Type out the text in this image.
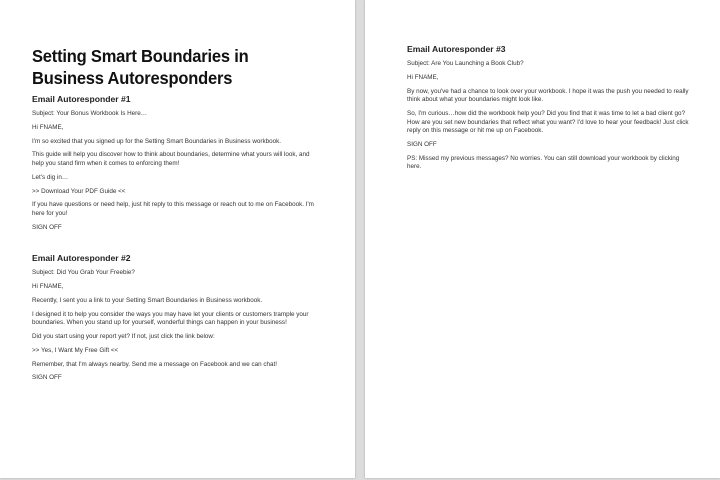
Setting Smart Boundaries in Business Autoresponders
Email Autoresponder #1
Subject: Your Bonus Workbook Is Here…
Hi FNAME,
I'm so excited that you signed up for the Setting Smart Boundaries in Business workbook.
This guide will help you discover how to think about boundaries, determine what yours will look, and help you stand firm when it comes to enforcing them!
Let's dig in…
>> Download Your PDF Guide <<
If you have questions or need help, just hit reply to this message or reach out to me on Facebook. I'm here for you!
SIGN OFF
Email Autoresponder #2
Subject: Did You Grab Your Freebie?
Hi FNAME,
Recently, I sent you a link to your Setting Smart Boundaries in Business workbook.
I designed it to help you consider the ways you may have let your clients or customers trample your boundaries. When you stand up for yourself, wonderful things can happen in your business!
Did you start using your report yet? If not, just click the link below:
>> Yes, I Want My Free Gift <<
Remember, that I'm always nearby. Send me a message on Facebook and we can chat!
SIGN OFF
Email Autoresponder #3
Subject: Are You Launching a Book Club?
Hi FNAME,
By now, you've had a chance to look over your workbook. I hope it was the push you needed to really think about what your boundaries might look like.
So, I'm curious…how did the workbook help you? Did you find that it was time to let a bad client go? How are you set new boundaries that reflect what you want? I'd love to hear your feedback! Just click reply on this message or hit me up on Facebook.
SIGN OFF
PS: Missed my previous messages? No worries. You can still download your workbook by clicking here.
